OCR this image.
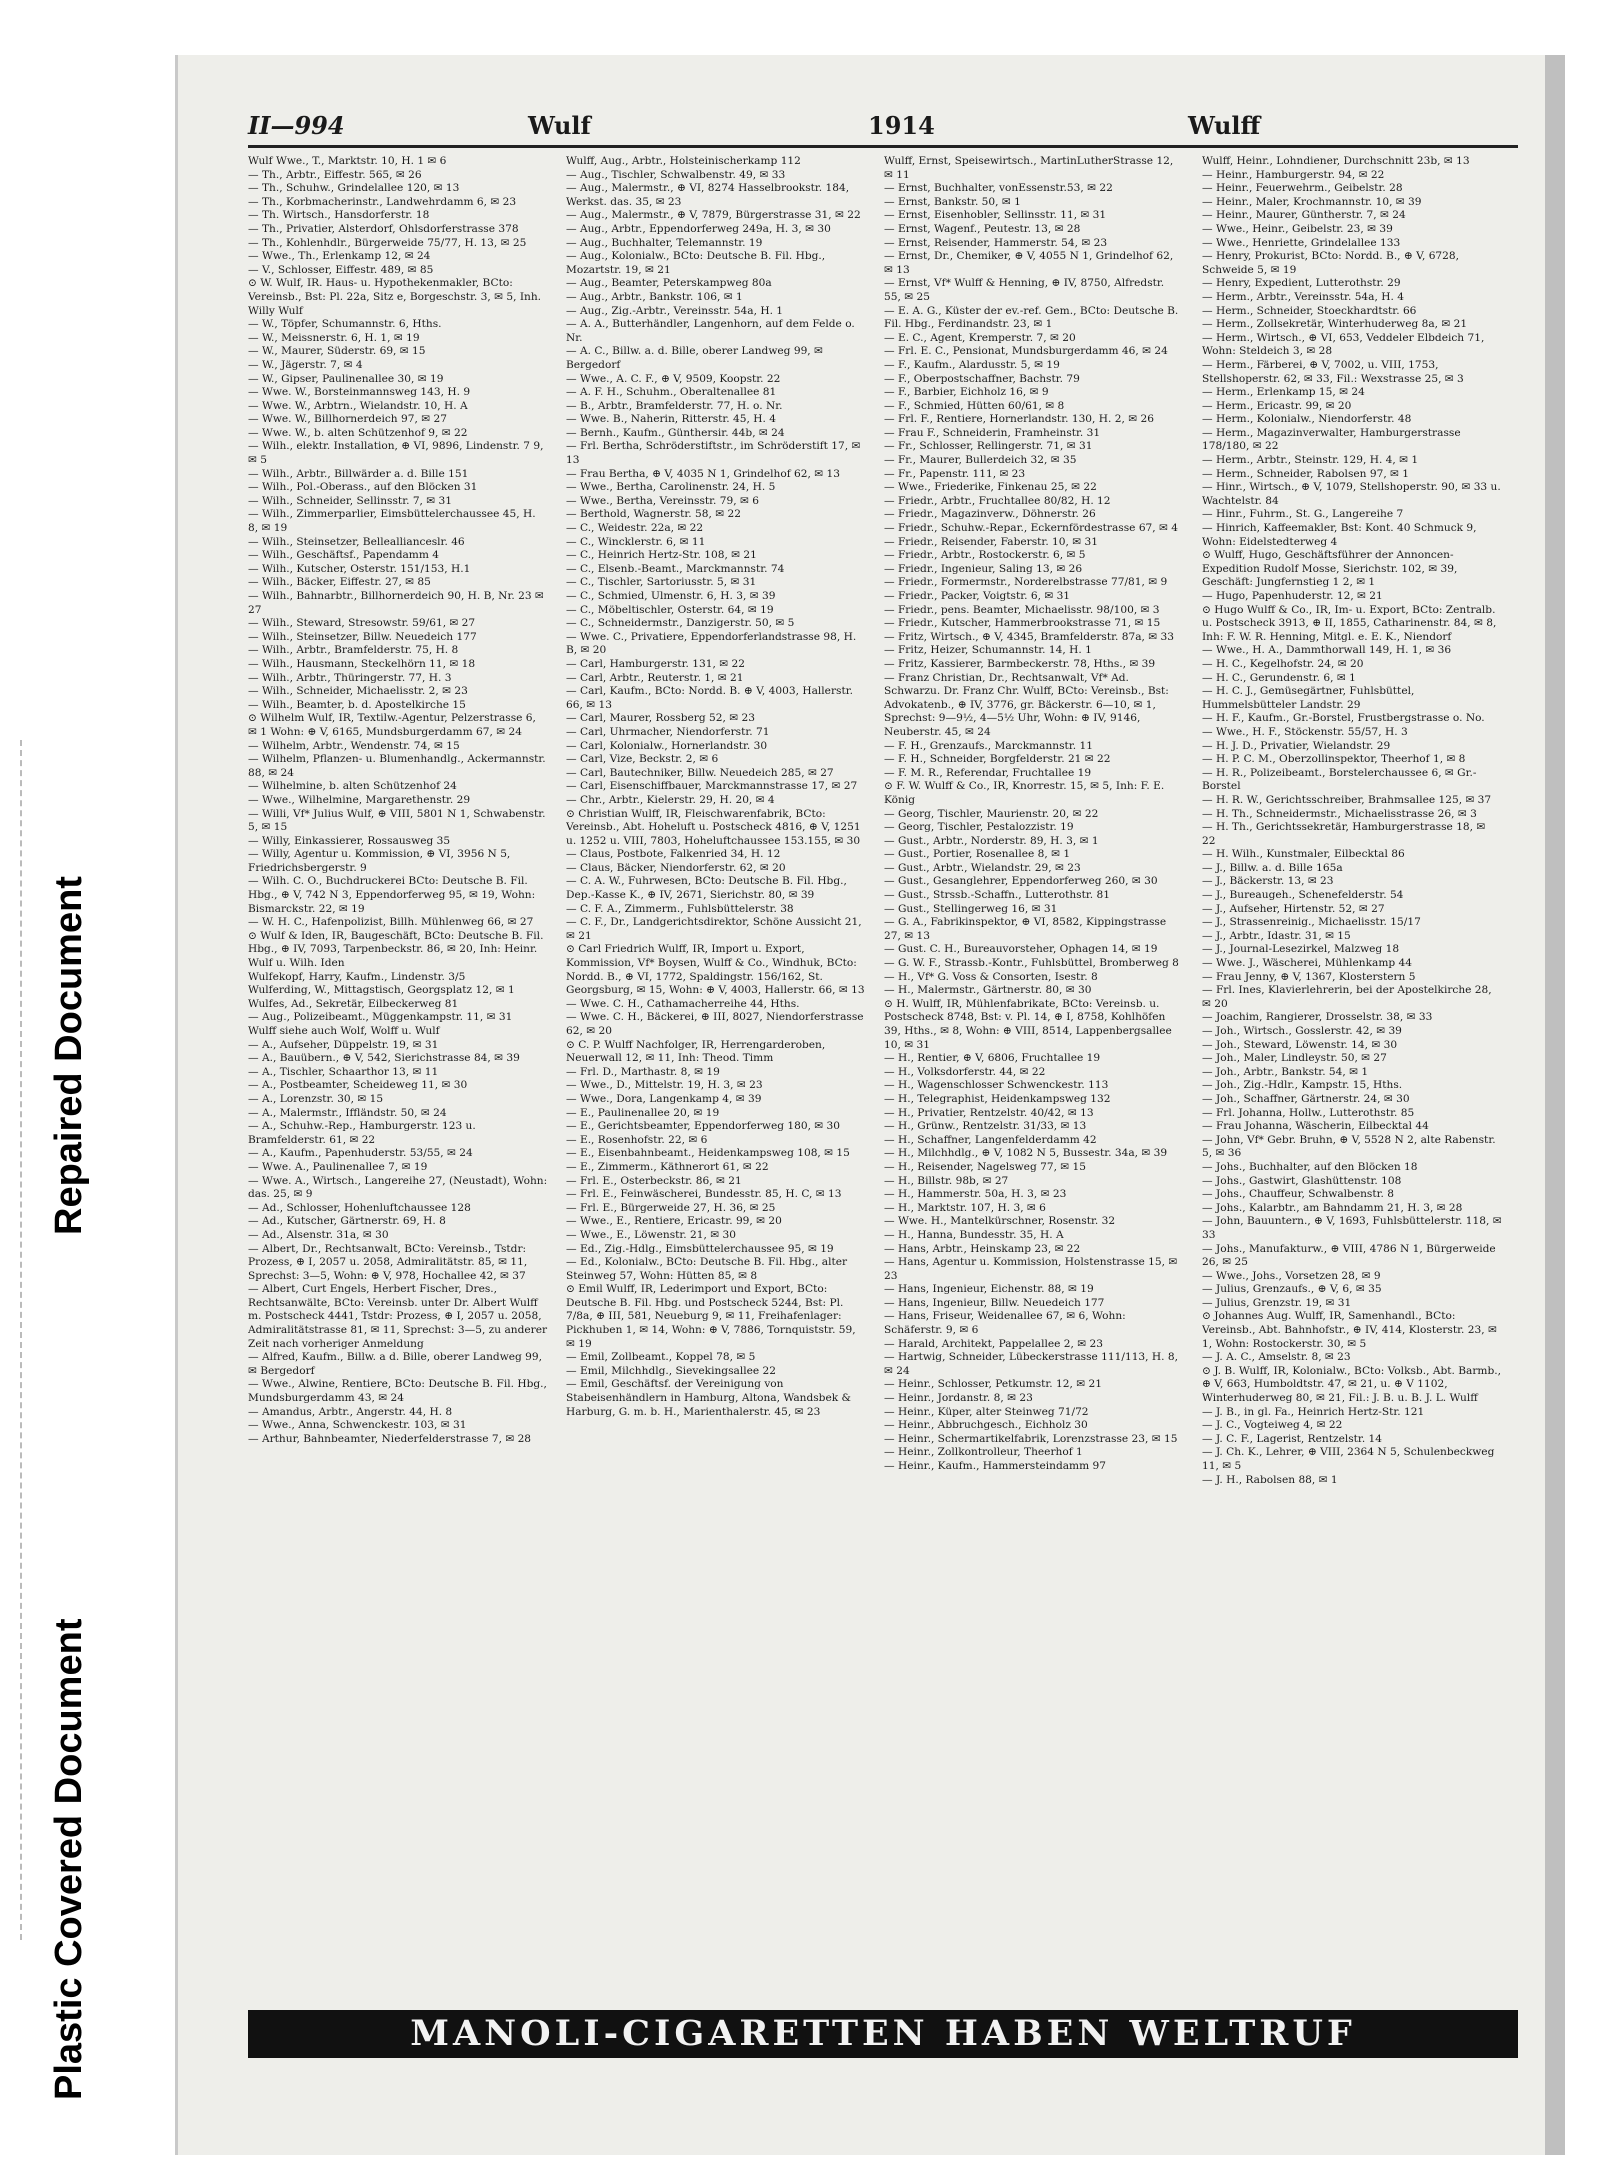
Repaired Document
Plastic Covered Document
II—994	Wulf	1914	Wulff

Wulf Wwe., T., Marktstr. 10, H. 1 ✉ 6

— Th., Arbtr., Eiffestr. 565, ✉ 26

— Th., Schuhw., Grindelallee 120, ✉ 13

— Th., Korbmacherinstr., Landwehrdamm 6, ✉ 23

— Th. Wirtsch., Hansdorferstr. 18

— Th., Privatier, Alsterdorf, Ohlsdorferstrasse 378

— Th., Kohlenhdlr., Bürgerweide 75/77, H. 13, ✉ 25

— Wwe., Th., Erlenkamp 12, ✉ 24

— V., Schlosser, Eiffestr. 489, ✉ 85

⊙ W. Wulf, IR. Haus- u. Hypothekenmakler, BCto: Vereinsb., Bst: Pl. 22a, Sitz e, Borgeschstr. 3, ✉ 5, Inh. Willy Wulf

— W., Töpfer, Schumannstr. 6, Hths.

— W., Meissnerstr. 6, H. 1, ✉ 19

— W., Maurer, Süderstr. 69, ✉ 15

— W., Jägerstr. 7, ✉ 4

— W., Gipser, Paulinenallee 30, ✉ 19

— Wwe. W., Borsteinmannsweg 143, H. 9

— Wwe. W., Arbtrn., Wielandstr. 10, H. A

— Wwe. W., Billhornerdeich 97, ✉ 27

— Wwe. W., b. alten Schützenhof 9, ✉ 22

— Wilh., elektr. Installation, ⊕ VI, 9896, Lindenstr. 7 9, ✉ 5

— Wilh., Arbtr., Billwärder a. d. Bille 151

— Wilh., Pol.-Oberass., auf den Blöcken 31

— Wilh., Schneider, Sellinsstr. 7, ✉ 31

— Wilh., Zimmerparlier, Eimsbüttelerchaussee 45, H. 8, ✉ 19

— Wilh., Steinsetzer, Belleallianceslr. 46

— Wilh., Geschäftsf., Papendamm 4

— Wilh., Kutscher, Osterstr. 151/153, H.1

— Wilh., Bäcker, Eiffestr. 27, ✉ 85

— Wilh., Bahnarbtr., Billhornerdeich 90, H. B, Nr. 23 ✉ 27

— Wilh., Steward, Stresowstr. 59/61, ✉ 27

— Wilh., Steinsetzer, Billw. Neuedeich 177

— Wilh., Arbtr., Bramfelderstr. 75, H. 8

— Wilh., Hausmann, Steckelhörn 11, ✉ 18

— Wilh., Arbtr., Thüringerstr. 77, H. 3

— Wilh., Schneider, Michaelisstr. 2, ✉ 23

— Wilh., Beamter, b. d. Apostelkirche 15

⊙ Wilhelm Wulf, IR, Textilw.-Agentur, Pelzerstrasse 6, ✉ 1 Wohn: ⊕ V, 6165, Mundsburgerdamm 67, ✉ 24

— Wilhelm, Arbtr., Wendenstr. 74, ✉ 15

— Wilhelm, Pflanzen- u. Blumenhandlg., Ackermannstr. 88, ✉ 24

— Wilhelmine, b. alten Schützenhof 24

— Wwe., Wilhelmine, Margarethenstr. 29

— Willi, Vf* Julius Wulf, ⊕ VIII, 5801 N 1, Schwabenstr. 5, ✉ 15

— Willy, Einkassierer, Rossausweg 35

— Willy, Agentur u. Kommission, ⊕ VI, 3956 N 5, Friedrichsbergerstr. 9

— Wilh. C. O., Buchdruckerei BCto: Deutsche B. Fil. Hbg., ⊕ V, 742 N 3, Eppendorferweg 95, ✉ 19, Wohn: Bismarckstr. 22, ✉ 19

— W. H. C., Hafenpolizist, Billh. Mühlenweg 66, ✉ 27

⊙ Wulf & Iden, IR, Baugeschäft, BCto: Deutsche B. Fil. Hbg., ⊕ IV, 7093, Tarpenbeckstr. 86, ✉ 20, Inh: Heinr. Wulf u. Wilh. Iden

Wulfekopf, Harry, Kaufm., Lindenstr. 3/5

Wulferding, W., Mittagstisch, Georgsplatz 12, ✉ 1

Wulfes, Ad., Sekretär, Eilbeckerweg 81

— Aug., Polizeibeamt., Müggenkampstr. 11, ✉ 31

Wulff siehe auch Wolf, Wolff u. Wulf

— A., Aufseher, Düppelstr. 19, ✉ 31

— A., Bauübern., ⊕ V, 542, Sierichstrasse 84, ✉ 39

— A., Tischler, Schaarthor 13, ✉ 11

— A., Postbeamter, Scheideweg 11, ✉ 30

— A., Lorenzstr. 30, ✉ 15

— A., Malermstr., Iffländstr. 50, ✉ 24

— A., Schuhw.-Rep., Hamburgerstr. 123 u. Bramfelderstr. 61, ✉ 22

— A., Kaufm., Papenhuderstr. 53/55, ✉ 24

— Wwe. A., Paulinenallee 7, ✉ 19

— Wwe. A., Wirtsch., Langereihe 27, (Neustadt), Wohn: das. 25, ✉ 9

— Ad., Schlosser, Hohenluftchaussee 128

— Ad., Kutscher, Gärtnerstr. 69, H. 8

— Ad., Alsenstr. 31a, ✉ 30

— Albert, Dr., Rechtsanwalt, BCto: Vereinsb., Tstdr: Prozess, ⊕ I, 2057 u. 2058, Admiralitätstr. 85, ✉ 11, Sprechst: 3—5, Wohn: ⊕ V, 978, Hochallee 42, ✉ 37

— Albert, Curt Engels, Herbert Fischer, Dres., Rechtsanwälte, BCto: Vereinsb. unter Dr. Albert Wulff m. Postscheck 4441, Tstdr: Prozess, ⊕ I, 2057 u. 2058, Admiralitätstrasse 81, ✉ 11, Sprechst: 3—5, zu anderer Zeit nach vorheriger Anmeldung

— Alfred, Kaufm., Billw. a d. Bille, oberer Landweg 99, ✉ Bergedorf

— Wwe., Alwine, Rentiere, BCto: Deutsche B. Fil. Hbg., Mundsburgerdamm 43, ✉ 24

— Amandus, Arbtr., Angerstr. 44, H. 8

— Wwe., Anna, Schwenckestr. 103, ✉ 31

— Arthur, Bahnbeamter, Niederfelderstrasse 7, ✉ 28

Wulff, Aug., Arbtr., Holsteinischerkamp 112

— Aug., Tischler, Schwalbenstr. 49, ✉ 33

— Aug., Malermstr., ⊕ VI, 8274 Hasselbrookstr. 184, Werkst. das. 35, ✉ 23

— Aug., Malermstr., ⊕ V, 7879, Bürgerstrasse 31, ✉ 22

— Aug., Arbtr., Eppendorferweg 249a, H. 3, ✉ 30

— Aug., Buchhalter, Telemannstr. 19

— Aug., Kolonialw., BCto: Deutsche B. Fil. Hbg., Mozartstr. 19, ✉ 21

— Aug., Beamter, Peterskampweg 80a

— Aug., Arbtr., Bankstr. 106, ✉ 1

— Aug., Zig.-Arbtr., Vereinsstr. 54a, H. 1

— A. A., Butterhändler, Langenhorn, auf dem Felde o. Nr.

— A. C., Billw. a. d. Bille, oberer Landweg 99, ✉ Bergedorf

— Wwe., A. C. F., ⊕ V, 9509, Koopstr. 22

— A. F. H., Schuhm., Oberaltenallee 81

— B., Arbtr., Bramfelderstr. 77, H. o. Nr.

— Wwe. B., Naherin, Ritterstr. 45, H. 4

— Bernh., Kaufm., Günthersir. 44b, ✉ 24

— Frl. Bertha, Schröderstiftstr., im Schröderstift 17, ✉ 13

— Frau Bertha, ⊕ V, 4035 N 1, Grindelhof 62, ✉ 13

— Wwe., Bertha, Carolinenstr. 24, H. 5

— Wwe., Bertha, Vereinsstr. 79, ✉ 6

— Berthold, Wagnerstr. 58, ✉ 22

— C., Weidestr. 22a, ✉ 22

— C., Wincklerstr. 6, ✉ 11

— C., Heinrich Hertz-Str. 108, ✉ 21

— C., Elsenb.-Beamt., Marckmannstr. 74

— C., Tischler, Sartoriusstr. 5, ✉ 31

— C., Schmied, Ulmenstr. 6, H. 3, ✉ 39

— C., Möbeltischler, Osterstr. 64, ✉ 19

— C., Schneidermstr., Danzigerstr. 50, ✉ 5

— Wwe. C., Privatiere, Eppendorferlandstrasse 98, H. B, ✉ 20

— Carl, Hamburgerstr. 131, ✉ 22

— Carl, Arbtr., Reuterstr. 1, ✉ 21

— Carl, Kaufm., BCto: Nordd. B. ⊕ V, 4003, Hallerstr. 66, ✉ 13

— Carl, Maurer, Rossberg 52, ✉ 23

— Carl, Uhrmacher, Niendorferstr. 71

— Carl, Kolonialw., Hornerlandstr. 30

— Carl, Vize, Beckstr. 2, ✉ 6

— Carl, Bautechniker, Billw. Neuedeich 285, ✉ 27

— Carl, Eisenschiffbauer, Marckmannstrasse 17, ✉ 27

— Chr., Arbtr., Kielerstr. 29, H. 20, ✉ 4

⊙ Christian Wulff, IR, Fleischwarenfabrik, BCto: Vereinsb., Abt. Hoheluft u. Postscheck 4816, ⊕ V, 1251 u. 1252 u. VIII, 7803, Hoheluftchaussee 153.155, ✉ 30

— Claus, Postbote, Falkenried 34, H. 12

— Claus, Bäcker, Niendorferstr. 62, ✉ 20

— C. A. W., Fuhrwesen, BCto: Deutsche B. Fil. Hbg., Dep.-Kasse K., ⊕ IV, 2671, Sierichstr. 80, ✉ 39

— C. F. A., Zimmerm., Fuhlsbüttelerstr. 38

— C. F., Dr., Landgerichtsdirektor, Schöne Aussicht 21, ✉ 21

⊙ Carl Friedrich Wulff, IR, Import u. Export, Kommission, Vf* Boysen, Wulff & Co., Windhuk, BCto: Nordd. B., ⊕ VI, 1772, Spaldingstr. 156/162, St. Georgsburg, ✉ 15, Wohn: ⊕ V, 4003, Hallerstr. 66, ✉ 13

— Wwe. C. H., Cathamacherreihe 44, Hths.

— Wwe. C. H., Bäckerei, ⊕ III, 8027, Niendorferstrasse 62, ✉ 20

⊙ C. P. Wulff Nachfolger, IR, Herrengarderoben, Neuerwall 12, ✉ 11, Inh: Theod. Timm

— Frl. D., Marthastr. 8, ✉ 19

— Wwe., D., Mittelstr. 19, H. 3, ✉ 23

— Wwe., Dora, Langenkamp 4, ✉ 39

— E., Paulinenallee 20, ✉ 19

— E., Gerichtsbeamter, Eppendorferweg 180, ✉ 30

— E., Rosenhofstr. 22, ✉ 6

— E., Eisenbahnbeamt., Heidenkampsweg 108, ✉ 15

— E., Zimmerm., Käthnerort 61, ✉ 22

— Frl. E., Osterbeckstr. 86, ✉ 21

— Frl. E., Feinwäscherei, Bundesstr. 85, H. C, ✉ 13

— Frl. E., Bürgerweide 27, H. 36, ✉ 25

— Wwe., E., Rentiere, Ericastr. 99, ✉ 20

— Wwe., E., Löwenstr. 21, ✉ 30

— Ed., Zig.-Hdlg., Eimsbüttelerchaussee 95, ✉ 19

— Ed., Kolonialw., BCto: Deutsche B. Fil. Hbg., alter Steinweg 57, Wohn: Hütten 85, ✉ 8

⊙ Emil Wulff, IR, Lederimport und Export, BCto: Deutsche B. Fil. Hbg. und Postscheck 5244, Bst: Pl. 7/8a, ⊕ III, 581, Neueburg 9, ✉ 11, Freihafenlager: Pickhuben 1, ✉ 14, Wohn: ⊕ V, 7886, Tornquiststr. 59, ✉ 19

— Emil, Zollbeamt., Koppel 78, ✉ 5

— Emil, Milchhdlg., Sievekingsallee 22

— Emil, Geschäftsf. der Vereinigung von Stabeisenhändlern in Hamburg, Altona, Wandsbek & Harburg, G. m. b. H., Marienthalerstr. 45, ✉ 23

Wulff, Ernst, Speisewirtsch., MartinLutherStrasse 12, ✉ 11

— Ernst, Buchhalter, vonEssenstr.53, ✉ 22

— Ernst, Bankstr. 50, ✉ 1

— Ernst, Eisenhobler, Sellinsstr. 11, ✉ 31

— Ernst, Wagenf., Peutestr. 13, ✉ 28

— Ernst, Reisender, Hammerstr. 54, ✉ 23

— Ernst, Dr., Chemiker, ⊕ V, 4055 N 1, Grindelhof 62, ✉ 13

— Ernst, Vf* Wulff & Henning, ⊕ IV, 8750, Alfredstr. 55, ✉ 25

— E. A. G., Küster der ev.-ref. Gem., BCto: Deutsche B. Fil. Hbg., Ferdinandstr. 23, ✉ 1

— E. C., Agent, Kremperstr. 7, ✉ 20

— Frl. E. C., Pensionat, Mundsburgerdamm 46, ✉ 24

— F., Kaufm., Alardusstr. 5, ✉ 19

— F., Oberpostschaffner, Bachstr. 79

— F., Barbier, Eichholz 16, ✉ 9

— F., Schmied, Hütten 60/61, ✉ 8

— Frl. F., Rentiere, Hornerlandstr. 130, H. 2, ✉ 26

— Frau F., Schneiderin, Framheinstr. 31

— Fr., Schlosser, Rellingerstr. 71, ✉ 31

— Fr., Maurer, Bullerdeich 32, ✉ 35

— Fr., Papenstr. 111, ✉ 23

— Wwe., Friederike, Finkenau 25, ✉ 22

— Friedr., Arbtr., Fruchtallee 80/82, H. 12

— Friedr., Magazinverw., Döhnerstr. 26

— Friedr., Schuhw.-Repar., Eckernfördestrasse 67, ✉ 4

— Friedr., Reisender, Faberstr. 10, ✉ 31

— Friedr., Arbtr., Rostockerstr. 6, ✉ 5

— Friedr., Ingenieur, Saling 13, ✉ 26

— Friedr., Formermstr., Norderelbstrasse 77/81, ✉ 9

— Friedr., Packer, Voigtstr. 6, ✉ 31

— Friedr., pens. Beamter, Michaelisstr. 98/100, ✉ 3

— Friedr., Kutscher, Hammerbrookstrasse 71, ✉ 15

— Fritz, Wirtsch., ⊕ V, 4345, Bramfelderstr. 87a, ✉ 33

— Fritz, Heizer, Schumannstr. 14, H. 1

— Fritz, Kassierer, Barmbeckerstr. 78, Hths., ✉ 39

— Franz Christian, Dr., Rechtsanwalt, Vf* Ad. Schwarzu. Dr. Franz Chr. Wulff, BCto: Vereinsb., Bst: Advokatenb., ⊕ IV, 3776, gr. Bäckerstr. 6—10, ✉ 1, Sprechst: 9—9½, 4—5½ Uhr, Wohn: ⊕ IV, 9146, Neuberstr. 45, ✉ 24

— F. H., Grenzaufs., Marckmannstr. 11

— F. H., Schneider, Borgfelderstr. 21 ✉ 22

— F. M. R., Referendar, Fruchtallee 19

⊙ F. W. Wulff & Co., IR, Knorrestr. 15, ✉ 5, Inh: F. E. König

— Georg, Tischler, Maurienstr. 20, ✉ 22

— Georg, Tischler, Pestalozzistr. 19

— Gust., Arbtr., Norderstr. 89, H. 3, ✉ 1

— Gust., Portier, Rosenallee 8, ✉ 1

— Gust., Arbtr., Wielandstr. 29, ✉ 23

— Gust., Gesanglehrer, Eppendorferweg 260, ✉ 30

— Gust., Strssb.-Schaffn., Lutterothstr. 81

— Gust., Stellingerweg 16, ✉ 31

— G. A., Fabrikinspektor, ⊕ VI, 8582, Kippingstrasse 27, ✉ 13

— Gust. C. H., Bureauvorsteher, Ophagen 14, ✉ 19

— G. W. F., Strassb.-Kontr., Fuhlsbüttel, Bromberweg 8

— H., Vf* G. Voss & Consorten, Isestr. 8

— H., Malermstr., Gärtnerstr. 80, ✉ 30

⊙ H. Wulff, IR, Mühlenfabrikate, BCto: Vereinsb. u. Postscheck 8748, Bst: v. Pl. 14, ⊕ I, 8758, Kohlhöfen 39, Hths., ✉ 8, Wohn: ⊕ VIII, 8514, Lappenbergsallee 10, ✉ 31

— H., Rentier, ⊕ V, 6806, Fruchtallee 19

— H., Volksdorferstr. 44, ✉ 22

— H., Wagenschlosser Schwenckestr. 113

— H., Telegraphist, Heidenkampsweg 132

— H., Privatier, Rentzelstr. 40/42, ✉ 13

— H., Grünw., Rentzelstr. 31/33, ✉ 13

— H., Schaffner, Langenfelderdamm 42

— H., Milchhdlg., ⊕ V, 1082 N 5, Bussestr. 34a, ✉ 39

— H., Reisender, Nagelsweg 77, ✉ 15

— H., Billstr. 98b, ✉ 27

— H., Hammerstr. 50a, H. 3, ✉ 23

— H., Marktstr. 107, H. 3, ✉ 6

— Wwe. H., Mantelkürschner, Rosenstr. 32

— H., Hanna, Bundesstr. 35, H. A

— Hans, Arbtr., Heinskamp 23, ✉ 22

— Hans, Agentur u. Kommission, Holstenstrasse 15, ✉ 23

— Hans, Ingenieur, Eichenstr. 88, ✉ 19

— Hans, Ingenieur, Billw. Neuedeich 177

— Hans, Friseur, Weidenallee 67, ✉ 6, Wohn: Schäferstr. 9, ✉ 6

— Harald, Architekt, Pappelallee 2, ✉ 23

— Hartwig, Schneider, Lübeckerstrasse 111/113, H. 8, ✉ 24

— Heinr., Schlosser, Petkumstr. 12, ✉ 21

— Heinr., Jordanstr. 8, ✉ 23

— Heinr., Küper, alter Steinweg 71/72

— Heinr., Abbruchgesch., Eichholz 30

— Heinr., Schermartikelfabrik, Lorenzstrasse 23, ✉ 15

— Heinr., Zollkontrolleur, Theerhof 1

— Heinr., Kaufm., Hammersteindamm 97

Wulff, Heinr., Lohndiener, Durchschnitt 23b, ✉ 13

— Heinr., Hamburgerstr. 94, ✉ 22

— Heinr., Feuerwehrm., Geibelstr. 28

— Heinr., Maler, Krochmannstr. 10, ✉ 39

— Heinr., Maurer, Güntherstr. 7, ✉ 24

— Wwe., Heinr., Geibelstr. 23, ✉ 39

— Wwe., Henriette, Grindelallee 133

— Henry, Prokurist, BCto: Nordd. B., ⊕ V, 6728, Schweide 5, ✉ 19

— Henry, Expedient, Lutterothstr. 29

— Herm., Arbtr., Vereinsstr. 54a, H. 4

— Herm., Schneider, Stoeckhardtstr. 66

— Herm., Zollsekretär, Winterhuderweg 8a, ✉ 21

— Herm., Wirtsch., ⊕ VI, 653, Veddeler Elbdeich 71, Wohn: Steldeich 3, ✉ 28

— Herm., Färberei, ⊕ V, 7002, u. VIII, 1753, Stellshoperstr. 62, ✉ 33, Fil.: Wexstrasse 25, ✉ 3

— Herm., Erlenkamp 15, ✉ 24

— Herm., Ericastr. 99, ✉ 20

— Herm., Kolonialw., Niendorferstr. 48

— Herm., Magazinverwalter, Hamburgerstrasse 178/180, ✉ 22

— Herm., Arbtr., Steinstr. 129, H. 4, ✉ 1

— Herm., Schneider, Rabolsen 97, ✉ 1

— Hinr., Wirtsch., ⊕ V, 1079, Stellshoperstr. 90, ✉ 33 u. Wachtelstr. 84

— Hinr., Fuhrm., St. G., Langereihe 7

— Hinrich, Kaffeemakler, Bst: Kont. 40 Schmuck 9, Wohn: Eidelstedterweg 4

⊙ Wulff, Hugo, Geschäftsführer der Annoncen-Expedition Rudolf Mosse, Sierichstr. 102, ✉ 39, Geschäft: Jungfernstieg 1 2, ✉ 1

— Hugo, Papenhuderstr. 12, ✉ 21

⊙ Hugo Wulff & Co., IR, Im- u. Export, BCto: Zentralb. u. Postscheck 3913, ⊕ II, 1855, Catharinenstr. 84, ✉ 8, Inh: F. W. R. Henning, Mitgl. e. E. K., Niendorf

— Wwe., H. A., Dammthorwall 149, H. 1, ✉ 36

— H. C., Kegelhofstr. 24, ✉ 20

— H. C., Gerundenstr. 6, ✉ 1

— H. C. J., Gemüsegärtner, Fuhlsbüttel, Hummelsbütteler Landstr. 29

— H. F., Kaufm., Gr.-Borstel, Frustbergstrasse o. No.

— Wwe., H. F., Stöckenstr. 55/57, H. 3

— H. J. D., Privatier, Wielandstr. 29

— H. P. C. M., Oberzollinspektor, Theerhof 1, ✉ 8

— H. R., Polizeibeamt., Borstelerchaussee 6, ✉ Gr.-Borstel

— H. R. W., Gerichtsschreiber, Brahmsallee 125, ✉ 37

— H. Th., Schneidermstr., Michaelisstrasse 26, ✉ 3

— H. Th., Gerichtssekretär, Hamburgerstrasse 18, ✉ 22

— H. Wilh., Kunstmaler, Eilbecktal 86

— J., Billw. a. d. Bille 165a

— J., Bäckerstr. 13, ✉ 23

— J., Bureaugeh., Schenefelderstr. 54

— J., Aufseher, Hirtenstr. 52, ✉ 27

— J., Strassenreinig., Michaelisstr. 15/17

— J., Arbtr., Idastr. 31, ✉ 15

— J., Journal-Lesezirkel, Malzweg 18

— Wwe. J., Wäscherei, Mühlenkamp 44

— Frau Jenny, ⊕ V, 1367, Klosterstern 5

— Frl. Ines, Klavierlehrerin, bei der Apostelkirche 28, ✉ 20

— Joachim, Rangierer, Drosselstr. 38, ✉ 33

— Joh., Wirtsch., Gosslerstr. 42, ✉ 39

— Joh., Steward, Löwenstr. 14, ✉ 30

— Joh., Maler, Lindleystr. 50, ✉ 27

— Joh., Arbtr., Bankstr. 54, ✉ 1

— Joh., Zig.-Hdlr., Kampstr. 15, Hths.

— Joh., Schaffner, Gärtnerstr. 24, ✉ 30

— Frl. Johanna, Hollw., Lutterothstr. 85

— Frau Johanna, Wäscherin, Eilbecktal 44

— John, Vf* Gebr. Bruhn, ⊕ V, 5528 N 2, alte Rabenstr. 5, ✉ 36

— Johs., Buchhalter, auf den Blöcken 18

— Johs., Gastwirt, Glashüttenstr. 108

— Johs., Chauffeur, Schwalbenstr. 8

— Johs., Kalarbtr., am Bahndamm 21, H. 3, ✉ 28

— John, Bauuntern., ⊕ V, 1693, Fuhlsbüttelerstr. 118, ✉ 33

— Johs., Manufakturw., ⊕ VIII, 4786 N 1, Bürgerweide 26, ✉ 25

— Wwe., Johs., Vorsetzen 28, ✉ 9

— Julius, Grenzaufs., ⊕ V, 6, ✉ 35

— Julius, Grenzstr. 19, ✉ 31

⊙ Johannes Aug. Wulff, IR, Samenhandl., BCto: Vereinsb., Abt. Bahnhofstr., ⊕ IV, 414, Klosterstr. 23, ✉ 1, Wohn: Rostockerstr. 30, ✉ 5

— J. A. C., Amselstr. 8, ✉ 23

⊙ J. B. Wulff, IR, Kolonialw., BCto: Volksb., Abt. Barmb., ⊕ V, 663, Humboldtstr. 47, ✉ 21, u. ⊕ V 1102, Winterhuderweg 80, ✉ 21, Fil.: J. B. u. B. J. L. Wulff

— J. B., in gl. Fa., Heinrich Hertz-Str. 121

— J. C., Vogteiweg 4, ✉ 22

— J. C. F., Lagerist, Rentzelstr. 14

— J. Ch. K., Lehrer, ⊕ VIII, 2364 N 5, Schulenbeckweg 11, ✉ 5

— J. H., Rabolsen 88, ✉ 1

MANOLI-CIGARETTEN HABEN WELTRUF
